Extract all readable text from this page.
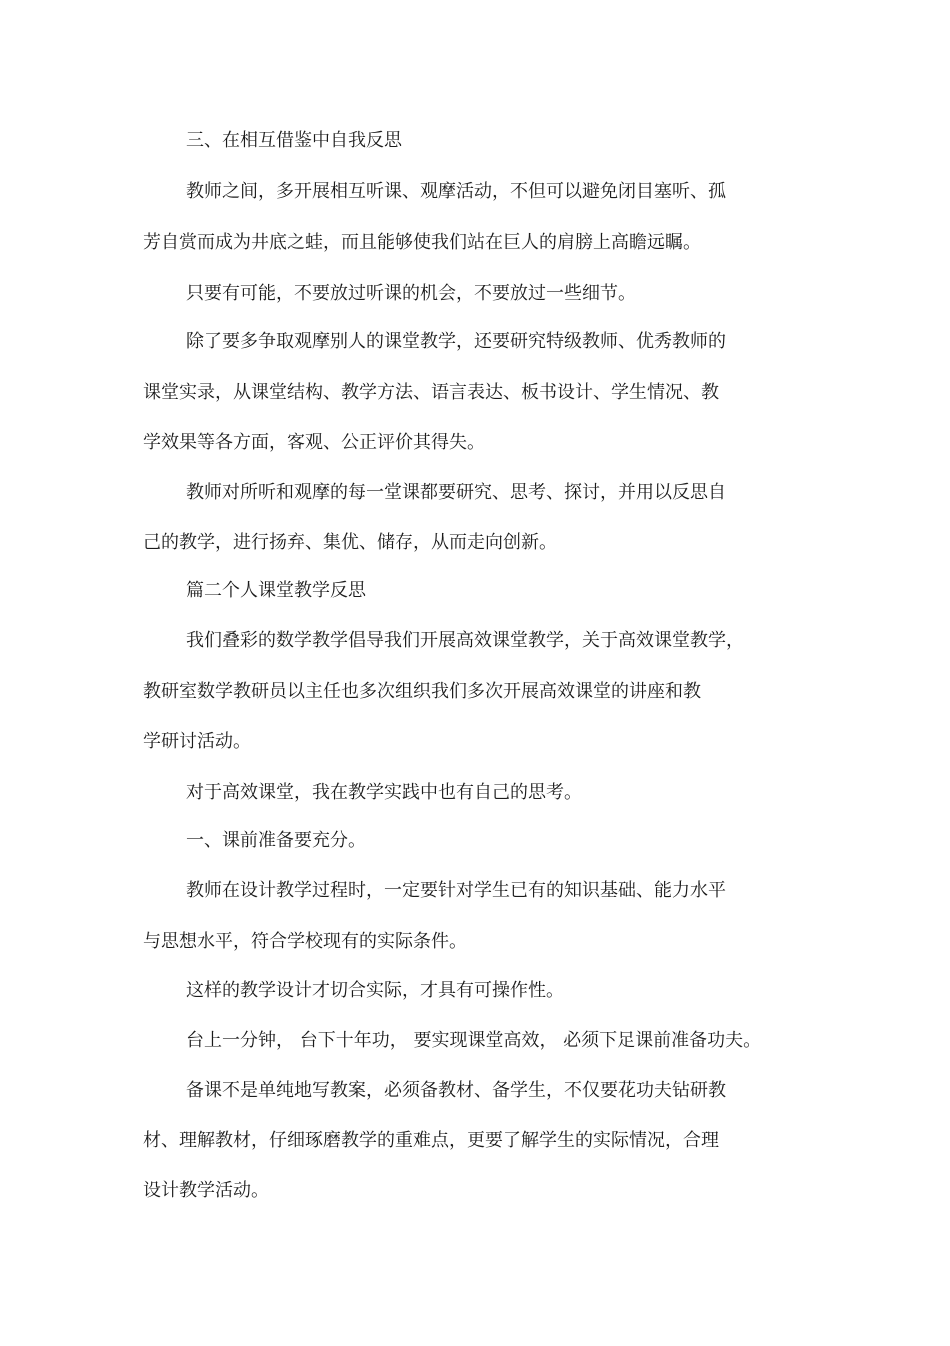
三、在相互借鉴中自我反思

教师之间，多开展相互听课、观摩活动，不但可以避免闭目塞听、孤

芳自赏而成为井底之蛙，而且能够使我们站在巨人的肩膀上高瞻远瞩。

只要有可能，不要放过听课的机会，不要放过一些细节。

除了要多争取观摩别人的课堂教学，还要研究特级教师、优秀教师的

课堂实录，从课堂结构、教学方法、语言表达、板书设计、学生情况、教

学效果等各方面，客观、公正评价其得失。

教师对所听和观摩的每一堂课都要研究、思考、探讨，并用以反思自

己的教学，进行扬弃、集优、储存，从而走向创新。

篇二个人课堂教学反思

我们叠彩的数学教学倡导我们开展高效课堂教学，关于高效课堂教学，

教研室数学教研员以主任也多次组织我们多次开展高效课堂的讲座和教

学研讨活动。

对于高效课堂，我在教学实践中也有自己的思考。

一、课前准备要充分。

教师在设计教学过程时，一定要针对学生已有的知识基础、能力水平

与思想水平，符合学校现有的实际条件。

这样的教学设计才切合实际，才具有可操作性。

台上一分钟， 台下十年功， 要实现课堂高效， 必须下足课前准备功夫。

备课不是单纯地写教案，必须备教材、备学生，不仅要花功夫钻研教

材、理解教材，仔细琢磨教学的重难点，更要了解学生的实际情况，合理

设计教学活动。
